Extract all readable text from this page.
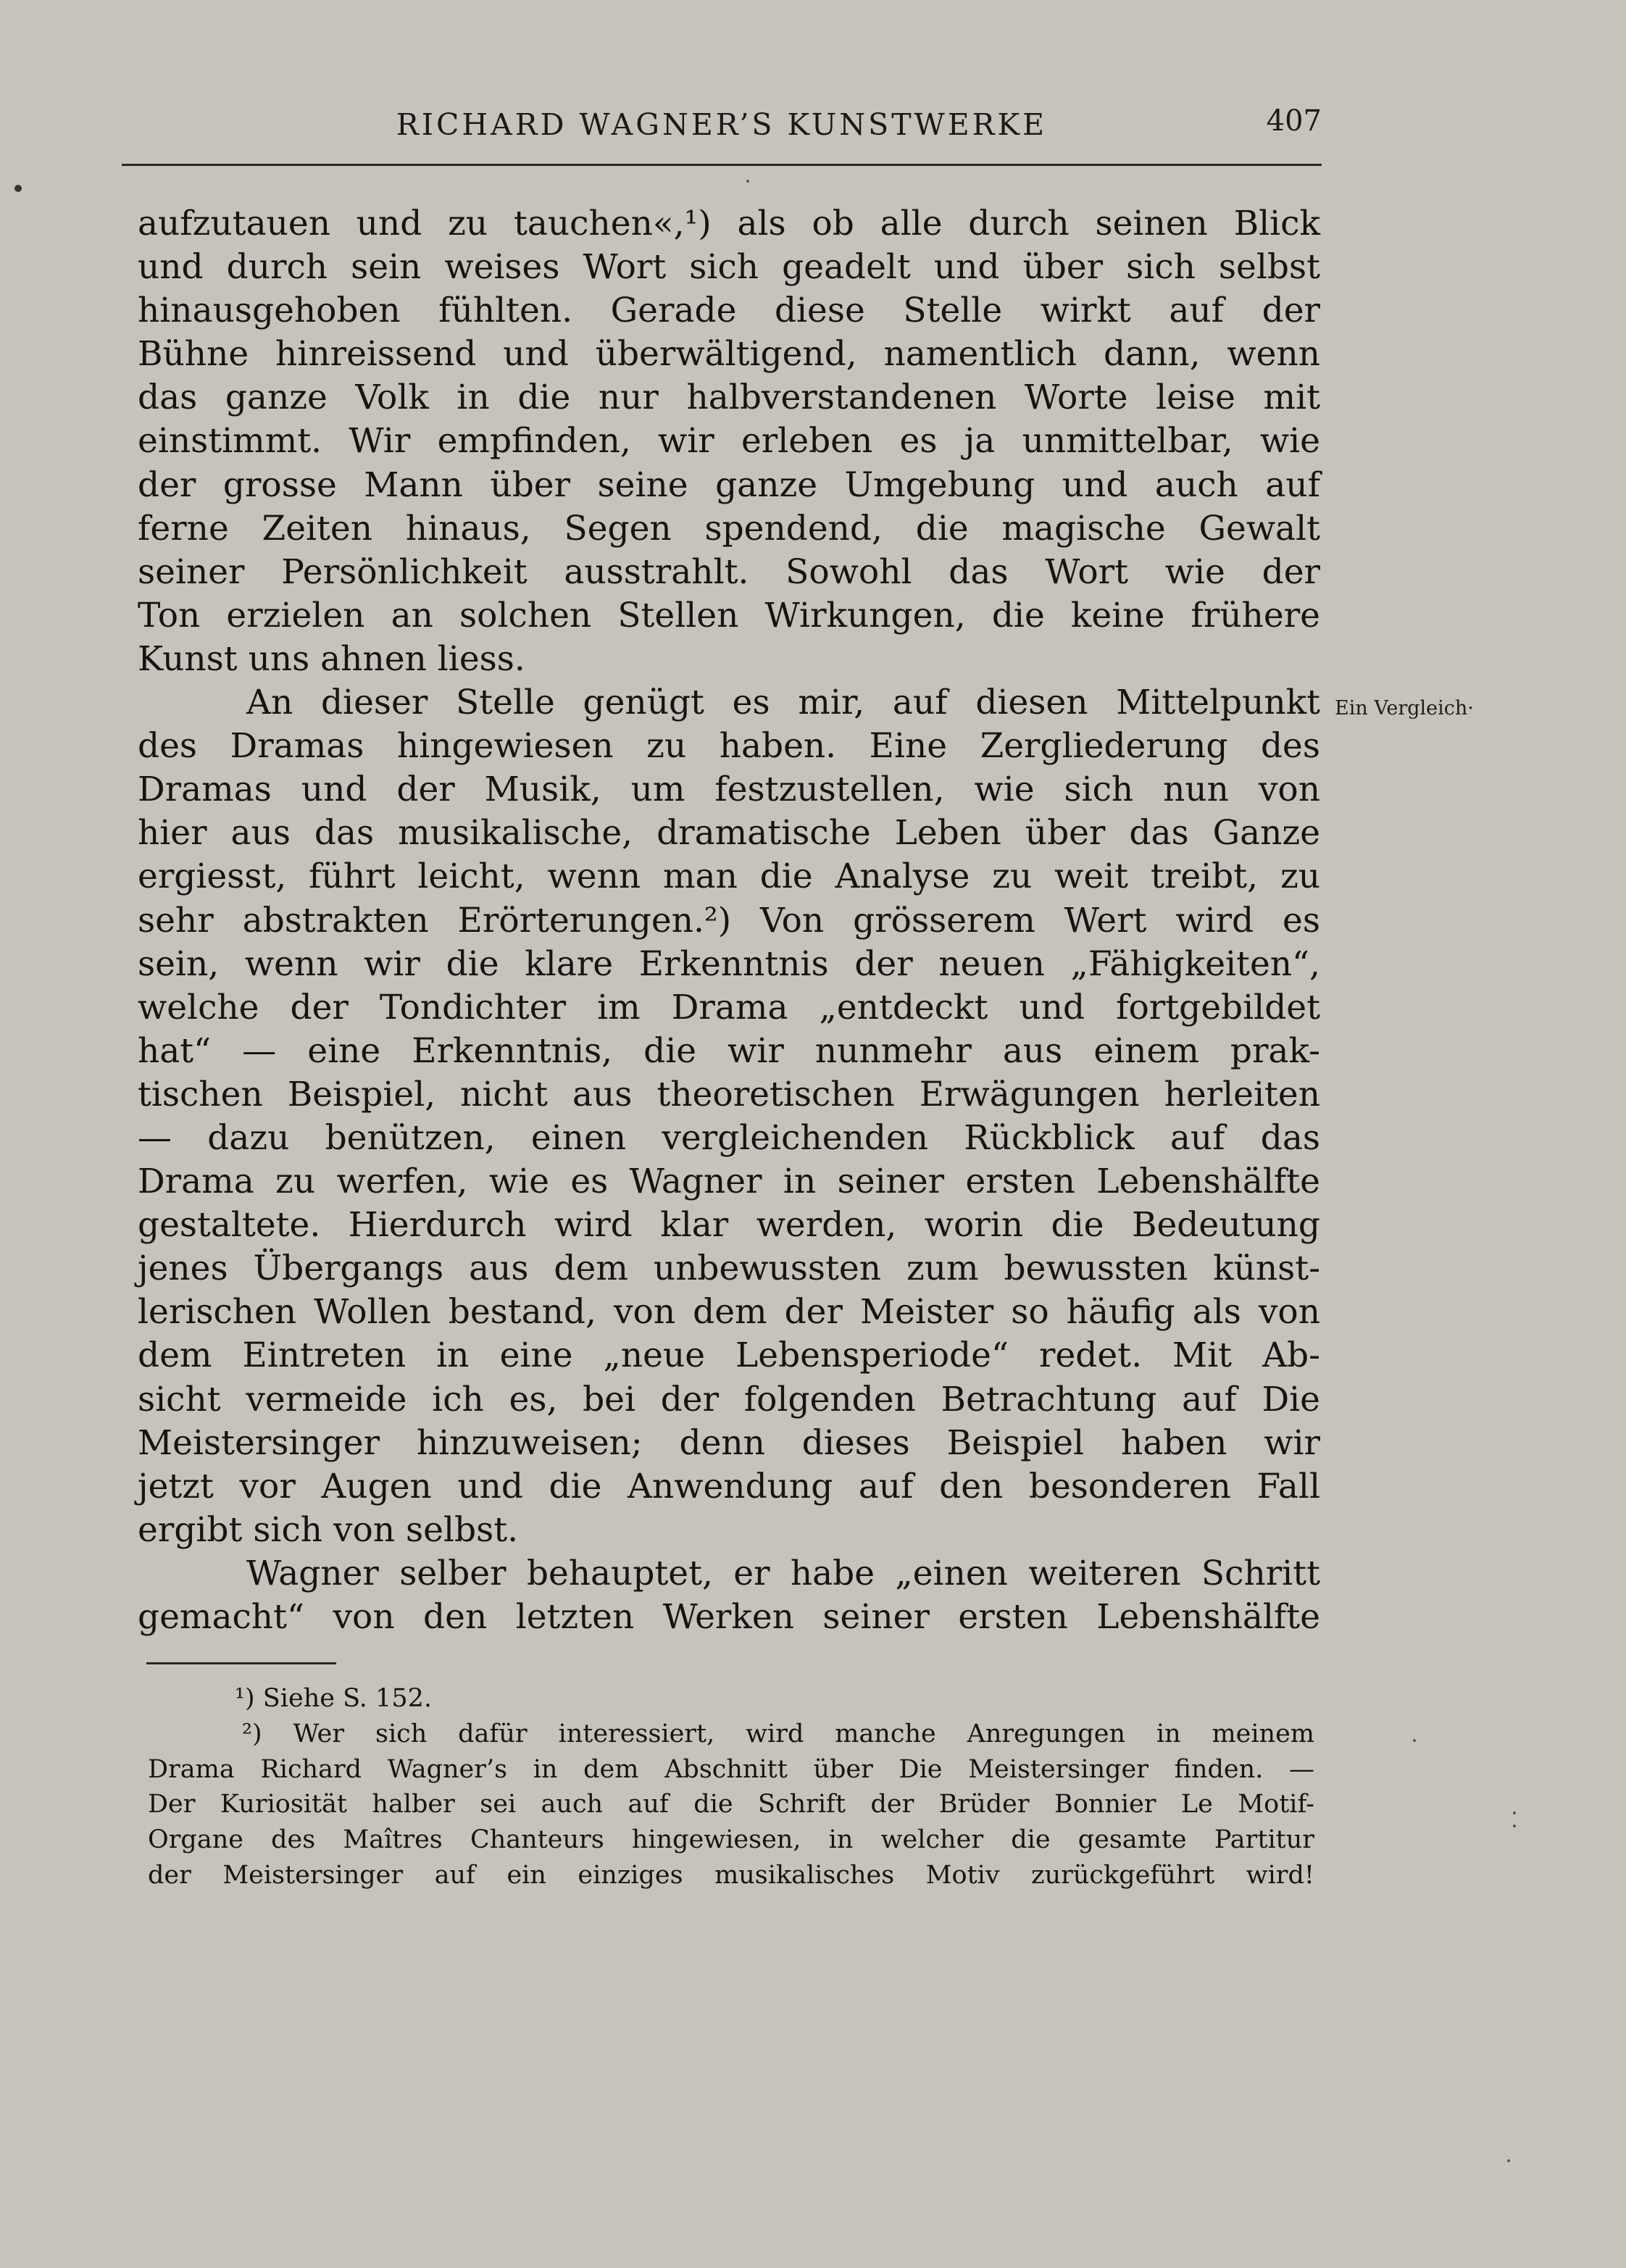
RICHARD WAGNER’S KUNSTWERKE	407
aufzutauen und zu tauchen«,¹) als ob alle durch seinen Blick
und durch sein weises Wort sich geadelt und über sich selbst
hinausgehoben fühlten. Gerade diese Stelle wirkt auf der
Bühne hinreissend und überwältigend, namentlich dann, wenn
das ganze Volk in die nur halbverstandenen Worte leise mit
einstimmt. Wir empfinden, wir erleben es ja unmittelbar, wie
der grosse Mann über seine ganze Umgebung und auch auf
ferne Zeiten hinaus, Segen spendend, die magische Gewalt
seiner Persönlichkeit ausstrahlt. Sowohl das Wort wie der
Ton erzielen an solchen Stellen Wirkungen, die keine frühere
Kunst uns ahnen liess.
An dieser Stelle genügt es mir, auf diesen Mittelpunkt
des Dramas hingewiesen zu haben. Eine Zergliederung des
Dramas und der Musik, um festzustellen, wie sich nun von
hier aus das musikalische, dramatische Leben über das Ganze
ergiesst, führt leicht, wenn man die Analyse zu weit treibt, zu
sehr abstrakten Erörterungen.²) Von grösserem Wert wird es
sein, wenn wir die klare Erkenntnis der neuen „Fähigkeiten“,
welche der Tondichter im Drama „entdeckt und fortgebildet
hat“ — eine Erkenntnis, die wir nunmehr aus einem prak-
tischen Beispiel, nicht aus theoretischen Erwägungen herleiten
— dazu benützen, einen vergleichenden Rückblick auf das
Drama zu werfen, wie es Wagner in seiner ersten Lebenshälfte
gestaltete. Hierdurch wird klar werden, worin die Bedeutung
jenes Übergangs aus dem unbewussten zum bewussten künst-
lerischen Wollen bestand, von dem der Meister so häufig als von
dem Eintreten in eine „neue Lebensperiode“ redet. Mit Ab-
sicht vermeide ich es, bei der folgenden Betrachtung auf Die
Meistersinger hinzuweisen; denn dieses Beispiel haben wir
jetzt vor Augen und die Anwendung auf den besonderen Fall
ergibt sich von selbst.
Wagner selber behauptet, er habe „einen weiteren Schritt
gemacht“ von den letzten Werken seiner ersten Lebenshälfte
Ein Vergleich·
¹) Siehe S. 152.
²) Wer sich dafür interessiert, wird manche Anregungen in meinem
Drama Richard Wagner’s in dem Abschnitt über Die Meistersinger finden. —
Der Kuriosität halber sei auch auf die Schrift der Brüder Bonnier Le Motif-
Organe des Maîtres Chanteurs hingewiesen, in welcher die gesamte Partitur
der Meistersinger auf ein einziges musikalisches Motiv zurückgeführt wird!
